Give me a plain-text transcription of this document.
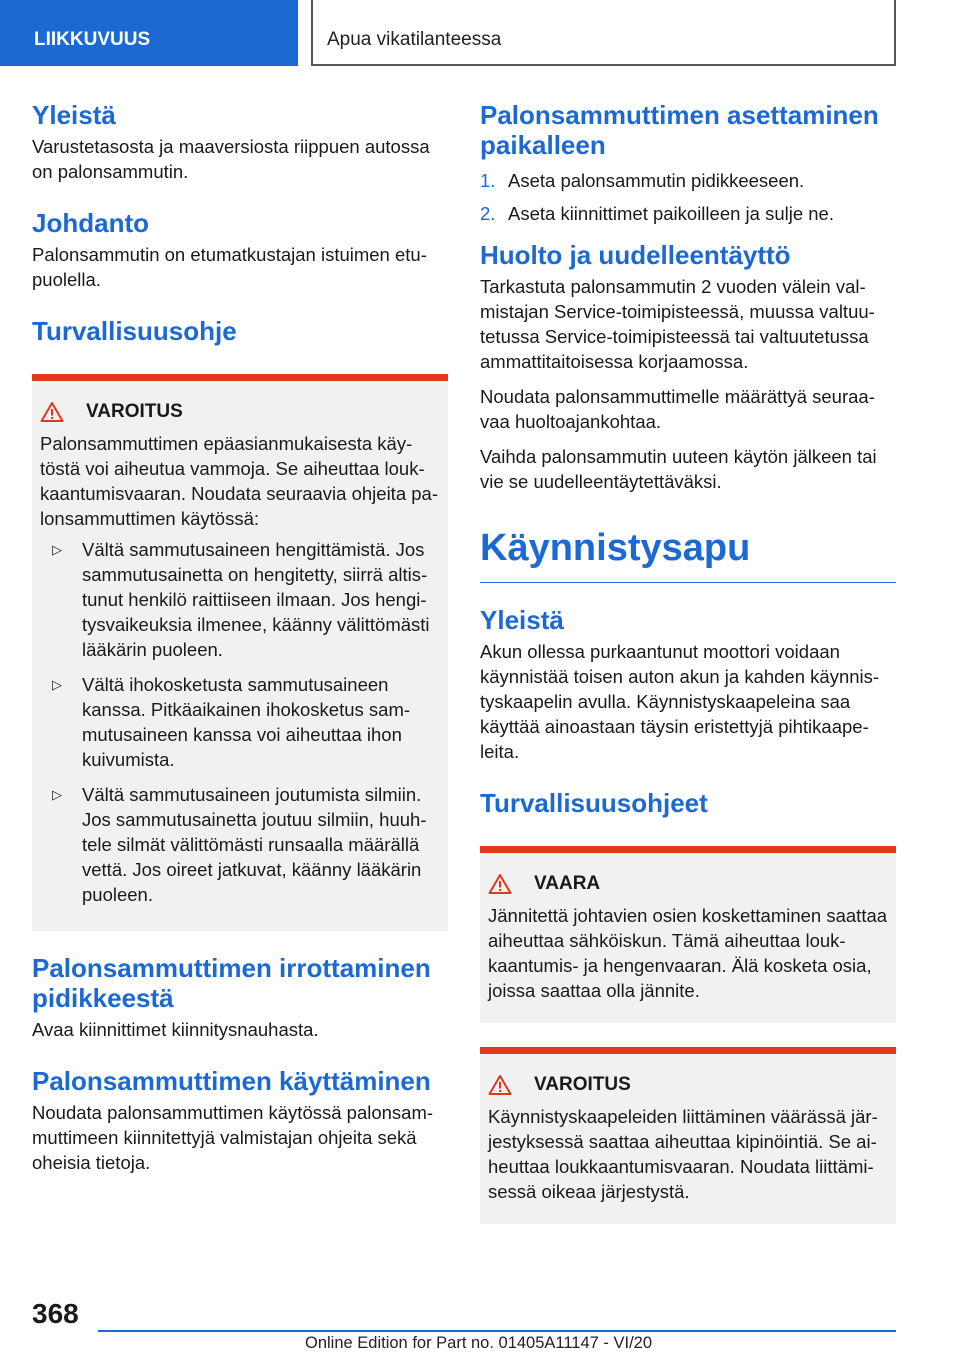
LIIKKUVUUS	Apua vikatilanteessa
Yleistä

Varustetasosta ja maaversiosta riippuen autossa on palonsammutin.

Johdanto

Palonsammutin on etumatkustajan istuimen etupuolella.

Turvallisuusohje
VAROITUS

Palonsammuttimen epäasianmukaisesta käytöstä voi aiheutua vammoja. Se aiheuttaa loukkaantumisvaaran. Noudata seuraavia ohjeita palonsammuttimen käytössä:

▷ Vältä sammutusaineen hengittämistä. Jos sammutusainetta on hengitetty, siirrä altistunut henkilö raittiiseen ilmaan. Jos hengitysvaikeuksia ilmenee, käänny välittömästi lääkärin puoleen.
▷ Vältä ihokosketusta sammutusaineen kanssa. Pitkäaikainen ihokosketus sammutusaineen kanssa voi aiheuttaa ihon kuivumista.
▷ Vältä sammutusaineen joutumista silmiin. Jos sammutusainetta joutuu silmiin, huuhtele silmät välittömästi runsaalla määrällä vettä. Jos oireet jatkuvat, käänny lääkärin puoleen.
Palonsammuttimen irrottaminen pidikkeestä

Avaa kiinnittimet kiinnitysnauhasta.

Palonsammuttimen käyttäminen

Noudata palonsammuttimen käytössä palonsammuttimeen kiinnitettyjä valmistajan ohjeita sekä oheisia tietoja.

Palonsammuttimen asettaminen paikalleen
1. Aseta palonsammutin pidikkeeseen.
2. Aseta kiinnittimet paikoilleen ja sulje ne.
Huolto ja uudelleentäyttö

Tarkastuta palonsammutin 2 vuoden välein valmistajan Service-toimipisteessä, muussa valtuutetussa Service-toimipisteessä tai valtuutetussa ammattitaitoisessa korjaamossa.

Noudata palonsammuttimelle määrättyä seuraavaa huoltoajankohtaa.

Vaihda palonsammutin uuteen käytön jälkeen tai vie se uudelleentäytettäväksi.

Käynnistysapu
Yleistä

Akun ollessa purkaantunut moottori voidaan käynnistää toisen auton akun ja kahden käynnistyskaapelin avulla. Käynnistyskaapeleina saa käyttää ainoastaan täysin eristettyjä pihtikaapeleita.

Turvallisuusohjeet
VAARA

Jännitettä johtavien osien koskettaminen saattaa aiheuttaa sähköiskun. Tämä aiheuttaa loukkaantumis- ja hengenvaaran. Älä kosketa osia, joissa saattaa olla jännite.

VAROITUS

Käynnistyskaapeleiden liittäminen väärässä järjestyksessä saattaa aiheuttaa kipinöintiä. Se aiheuttaa loukkaantumisvaaran. Noudata liittämisessä oikeaa järjestystä.

368
Online Edition for Part no. 01405A11147 - VI/20
